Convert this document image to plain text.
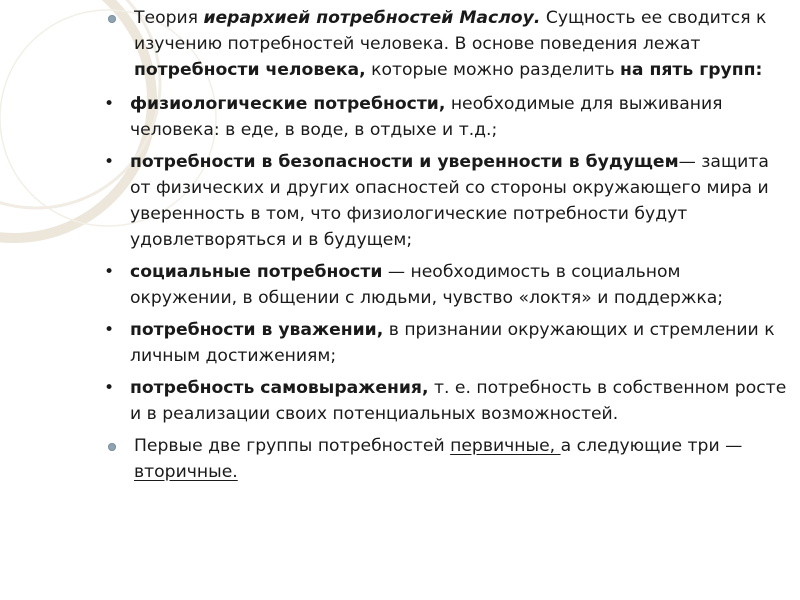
Теория иерархией потребностей Маслоу. Сущность ее сводится к изучению потребностей человека. В основе поведения лежат потребности человека, которые можно разделить на пять групп:
• физиологические потребности, необходимые для выживания человека: в еде, в воде, в отдыхе и т.д.;
• потребности в безопасности и уверенности в будущем— защита от физических и других опасностей со стороны окружающего мира и уверенность в том, что физиологические потребности будут удовлетворяться и в будущем;
• социальные потребности — необходимость в социальном окружении, в общении с людьми, чувство «локтя» и поддержка;
• потребности в уважении, в признании окружающих и стремлении к личным достижениям;
• потребность самовыражения, т. е. потребность в собственном росте и в реализации своих потенциальных возможностей.
Первые две группы потребностей первичные, а следующие три —вторичные.
